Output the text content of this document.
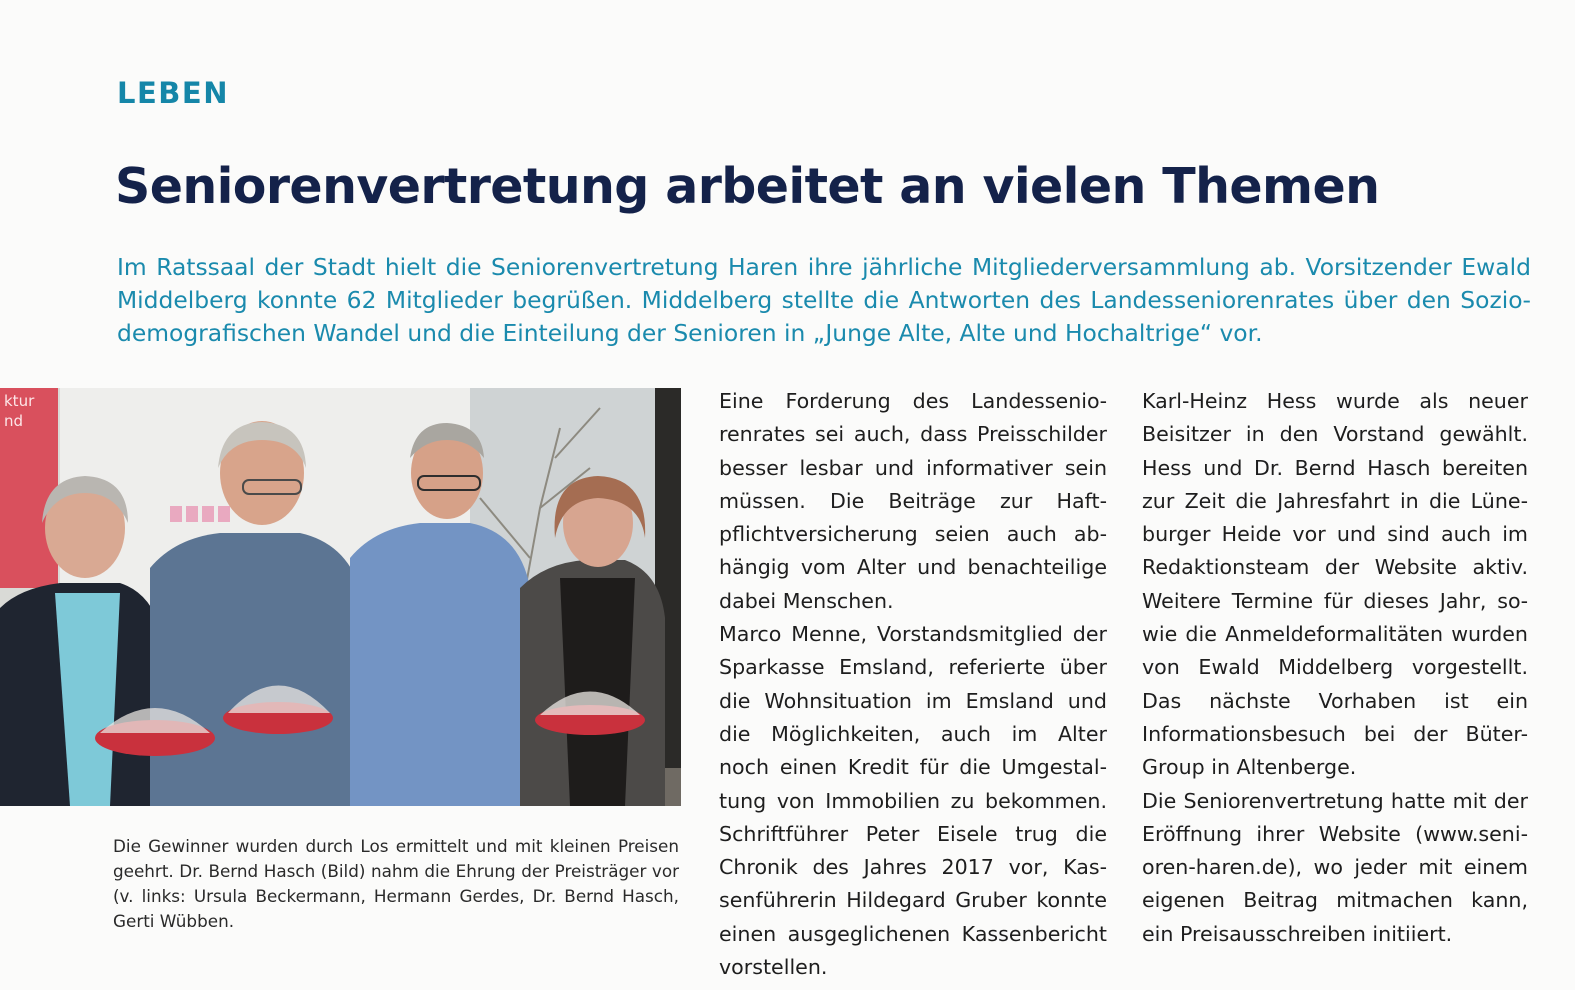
LEBEN
Seniorenvertretung arbeitet an vielen Themen

Im Ratssaal der Stadt hielt die Seniorenvertretung Haren ihre jährliche Mitgliederversammlung ab. Vorsitzender Ewald Middelberg konnte 62 Mitglieder begrüßen. Middelberg stellte die Antworten des Landesseniorenrates über den Soziodemografischen Wandel und die Einteilung der Senioren in „Junge Alte, Alte und Hochaltrige“ vor.

ktur
nd

Die Gewinner wurden durch Los ermittelt und mit kleinen Preisen geehrt. Dr. Bernd Hasch (Bild) nahm die Ehrung der Preisträger vor (v. links: Ursula Beckermann, Hermann Gerdes, Dr. Bernd Hasch, Gerti Wübben.

Eine Forderung des Landesseniorenrates sei auch, dass Preisschilder besser lesbar und informativer sein müssen. Die Beiträge zur Haftpflichtversicherung seien auch abhängig vom Alter und benachteilige dabei Menschen.

Marco Menne, Vorstandsmitglied der Sparkasse Emsland, referierte über die Wohnsituation im Emsland und die Möglichkeiten, auch im Alter noch einen Kredit für die Umgestaltung von Immobilien zu bekommen. Schriftführer Peter Eisele trug die Chronik des Jahres 2017 vor, Kassenführerin Hildegard Gruber konnte einen ausgeglichenen Kassenbericht vorstellen.

Karl-Heinz Hess wurde als neuer Beisitzer in den Vorstand gewählt. Hess und Dr. Bernd Hasch bereiten zur Zeit die Jahresfahrt in die Lüneburger Heide vor und sind auch im Redaktionsteam der Website aktiv. Weitere Termine für dieses Jahr, sowie die Anmeldeformalitäten wurden von Ewald Middelberg vorgestellt. Das nächste Vorhaben ist ein Informationsbesuch bei der Büter-Group in Altenberge.

Die Seniorenvertretung hatte mit der Eröffnung ihrer Website (www.senioren-haren.de), wo jeder mit einem eigenen Beitrag mitmachen kann, ein Preisausschreiben initiiert.
